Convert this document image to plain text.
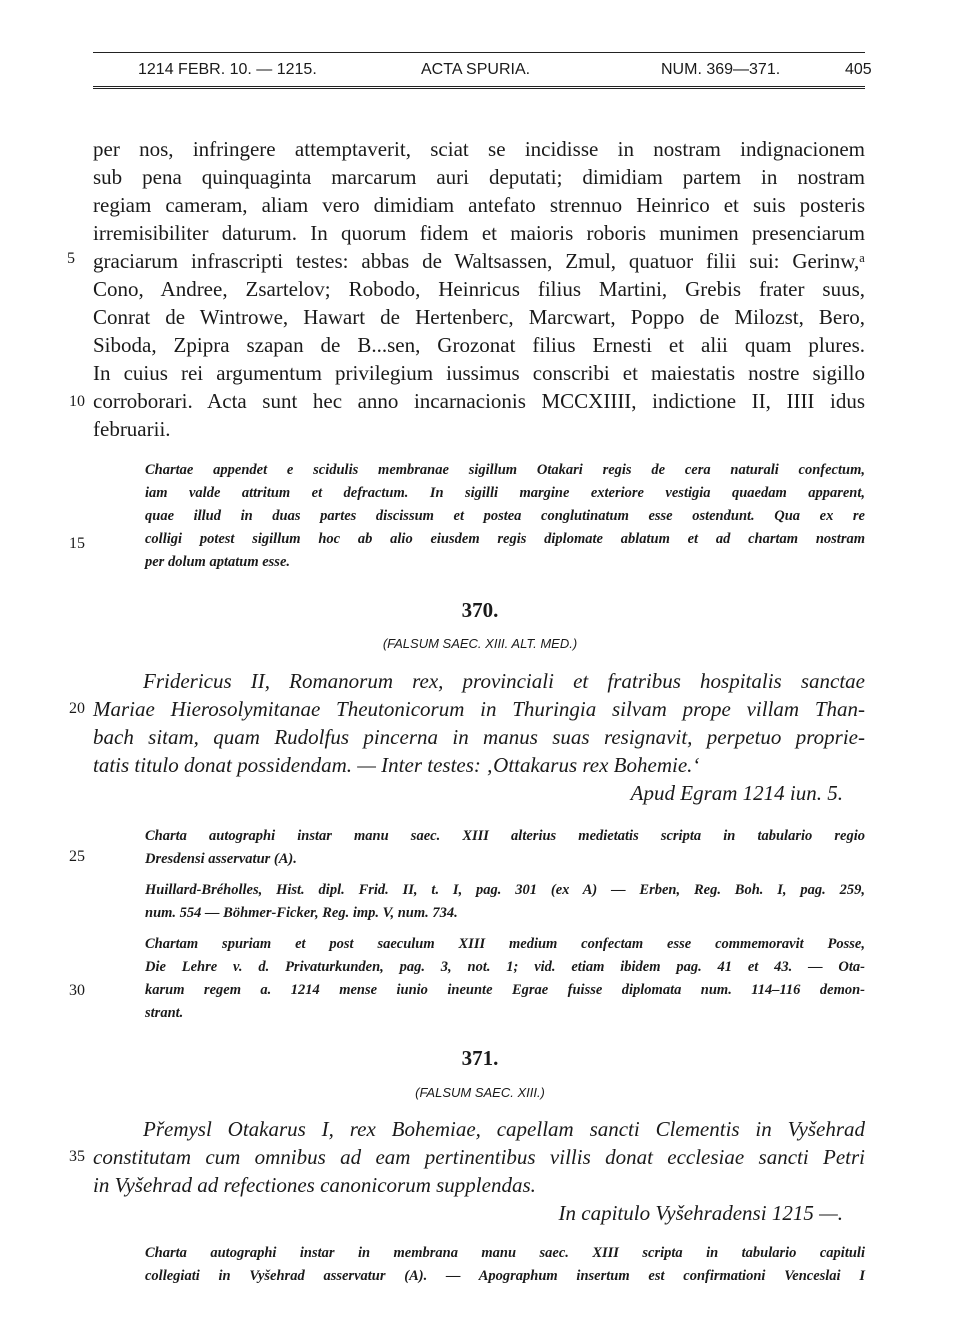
1214 FEBR. 10. — 1215.	ACTA SPURIA.	NUM. 369—371.	405
per nos, infringere attemptaverit, sciat se incidisse in nostram indignacionem
sub pena quinquaginta marcarum auri deputati; dimidiam partem in nostram
regiam cameram, aliam vero dimidiam antefato strennuo Heinrico et suis posteris
irremisibiliter daturum. In quorum fidem et maioris roboris munimen presenciarum
graciarum infrascripti testes: abbas de Waltsassen, Zmul, quatuor filii sui: Gerinw,ᵃ
Cono, Andree, Zsartelov; Robodo, Heinricus filius Martini, Grebis frater suus,
Conrat de Wintrowe, Hawart de Hertenberc, Marcwart, Poppo de Milozst, Bero,
Siboda, Zpipra szapan de B...sen, Grozonat filius Ernesti et alii quam plures.
In cuius rei argumentum privilegium iussimus conscribi et maiestatis nostre sigillo
corroborari. Acta sunt hec anno incarnacionis MCCXIIII, indictione II, IIII idus
februarii.
Chartae appendet e scidulis membranae sigillum Otakari regis de cera naturali confectum,
iam valde attritum et defractum. In sigilli margine exteriore vestigia quaedam apparent,
quae illud in duas partes discissum et postea conglutinatum esse ostendunt. Qua ex re
colligi potest sigillum hoc ab alio eiusdem regis diplomate ablatum et ad chartam nostram
per dolum aptatum esse.
370.
(FALSUM SAEC. XIII. ALT. MED.)
Fridericus II, Romanorum rex, provinciali et fratribus hospitalis sanctae
Mariae Hierosolymitanae Theutonicorum in Thuringia silvam prope villam Than-
bach sitam, quam Rudolfus pincerna in manus suas resignavit, perpetuo proprie-
tatis titulo donat possidendam. — Inter testes: ‚Ottakarus rex Bohemie.‘
Apud Egram 1214 iun. 5.
Charta autographi instar manu saec. XIII alterius medietatis scripta in tabulario regio
Dresdensi asservatur (A).
Huillard-Bréholles, Hist. dipl. Frid. II, t. I, pag. 301 (ex A) — Erben, Reg. Boh. I, pag. 259,
num. 554 — Böhmer-Ficker, Reg. imp. V, num. 734.
Chartam spuriam et post saeculum XIII medium confectam esse commemoravit Posse,
Die Lehre v. d. Privaturkunden, pag. 3, not. 1; vid. etiam ibidem pag. 41 et 43. — Ota-
karum regem a. 1214 mense iunio ineunte Egrae fuisse diplomata num. 114–116 demon-
strant.
371.
(FALSUM SAEC. XIII.)
Přemysl Otakarus I, rex Bohemiae, capellam sancti Clementis in Vyšehrad
constitutam cum omnibus ad eam pertinentibus villis donat ecclesiae sancti Petri
in Vyšehrad ad refectiones canonicorum supplendas.
In capitulo Vyšehradensi 1215 —.
Charta autographi instar in membrana manu saec. XIII scripta in tabulario capituli
collegiati in Vyšehrad asservatur (A). — Apographum insertum est confirmationi Venceslai I
5
10
15
20
25
30
35
